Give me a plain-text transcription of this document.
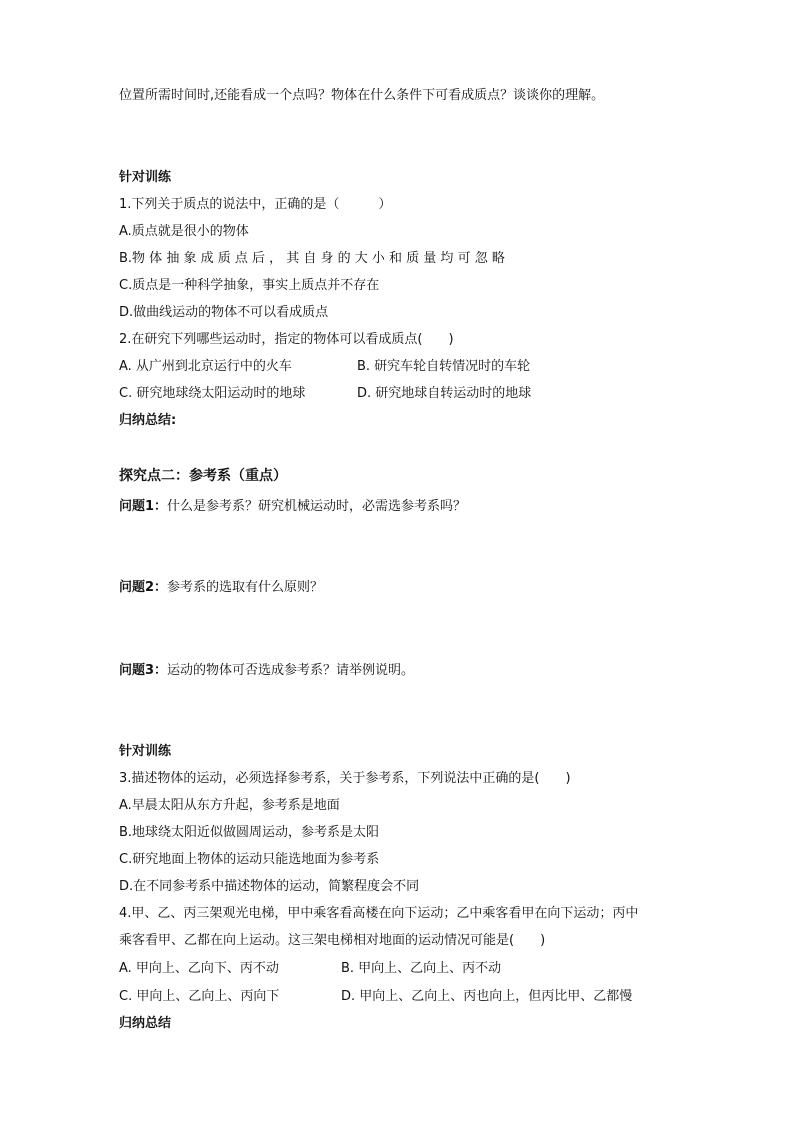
位置所需时间时,还能看成一个点吗？物体在什么条件下可看成质点？谈谈你的理解。

针对训练

1.下列关于质点的说法中，正确的是（　　　）

A.质点就是很小的物体

B.物 体 抽 象 成 质 点 后 ， 其 自 身 的 大 小 和 质 量 均 可 忽 略

C.质点是一种科学抽象，事实上质点并不存在

D.做曲线运动的物体不可以看成质点

2.在研究下列哪些运动时，指定的物体可以看成质点(　　)

A. 从广州到北京运行中的火车	B. 研究车轮自转情况时的车轮
C. 研究地球绕太阳运动时的地球	D. 研究地球自转运动时的地球

归纳总结:

探究点二：参考系（重点）

问题1：什么是参考系？研究机械运动时，必需选参考系吗？

问题2：参考系的选取有什么原则？

问题3：运动的物体可否选成参考系？请举例说明。

针对训练

3.描述物体的运动，必须选择参考系，关于参考系，下列说法中正确的是(　　)

A.早晨太阳从东方升起，参考系是地面

B.地球绕太阳近似做圆周运动，参考系是太阳

C.研究地面上物体的运动只能选地面为参考系

D.在不同参考系中描述物体的运动，简繁程度会不同

4.甲、乙、丙三架观光电梯，甲中乘客看高楼在向下运动；乙中乘客看甲在向下运动；丙中

乘客看甲、乙都在向上运动。这三架电梯相对地面的运动情况可能是(　　)

A. 甲向上、乙向下、丙不动	B. 甲向上、乙向上、丙不动
C. 甲向上、乙向上、丙向下	D. 甲向上、乙向上、丙也向上，但丙比甲、乙都慢

归纳总结
